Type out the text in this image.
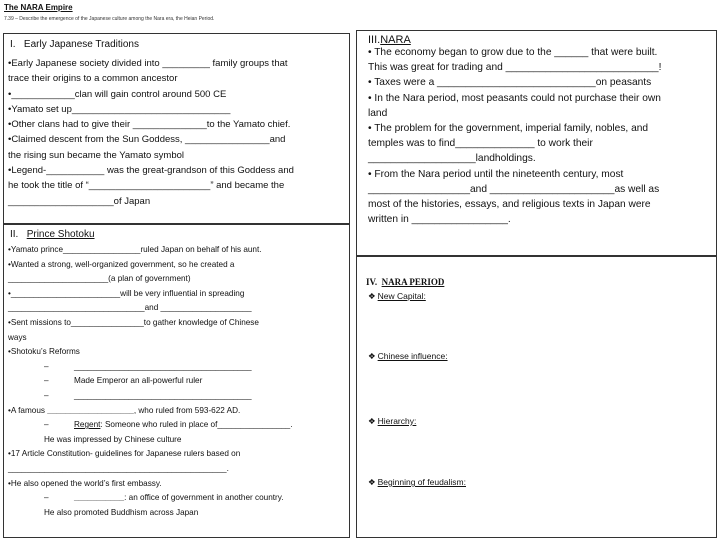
The NARA Empire
7.39 – Describe the emergence of the Japanese culture among the Nara era, the Heian Period.
I. Early Japanese Traditions
•Early Japanese society divided into _________ family groups that
trace their origins to a common ancestor
•____________clan will gain control around 500 CE
•Yamato set up______________________________
•Other clans had to give their ______________to the Yamato chief.
•Claimed descent from the Sun Goddess, ________________and
the rising sun became the Yamato symbol
•Legend-___________ was the great-grandson of this Goddess and
he took the title of “_______________________” and became the
____________________of Japan
II. Prince Shotoku
•Yamato prince_________________ruled Japan on behalf of his aunt.
•Wanted a strong, well-organized government, so he created a
______________________(a plan of government)
•________________________will be very influential in spreading
______________________________and ____________________
•Sent missions to________________to gather knowledge of Chinese
ways
•Shotoku’s Reforms
–	_______________________________________
–	Made Emperor an all-powerful ruler
–	_______________________________________
•A famous ___________________, who ruled from 593-622 AD.
–	Regent: Someone who ruled in place of________________.
He was impressed by Chinese culture
•17 Article Constitution- guidelines for Japanese rulers based on
________________________________________________.
•He also opened the world’s first embassy.
–	___________: an office of government in another country.
He also promoted Buddhism across Japan
III.NARA
• The economy began to grow due to the ______ that were built.
This was great for trading and ___________________________!
• Taxes were a ____________________________on peasants
• In the Nara period, most peasants could not purchase their own
land
• The problem for the government, imperial family, nobles, and
temples was to find______________ to work their
___________________landholdings.
• From the Nara period until the nineteenth century, most
__________________and ______________________as well as
most of the histories, essays, and religious texts in Japan were
written in _________________.
IV. NARA PERIOD
❖ New Capital:
❖ Chinese influence:
❖ Hierarchy:
❖ Beginning of feudalism:
